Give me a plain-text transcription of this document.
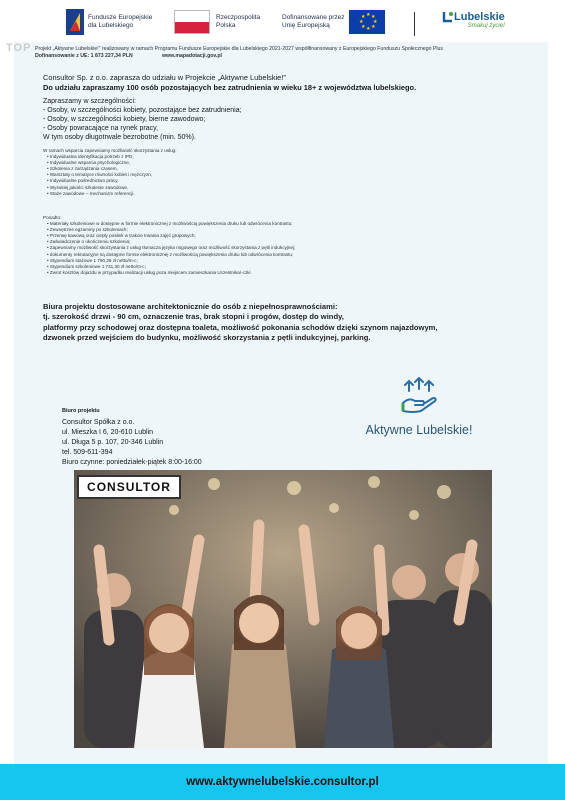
Fundusze Europejskie
dla Lubelskiego
Rzeczpospolita
Polska
Dofinansowane przez
Unię Europejską
★ ★
★
★
★
★
★
★	Lubelskie
Smakuj życie!
TOP Projekt „Aktywne Lubelskie!” realizowany w ramach Programu Fundusze Europejskie dla Lubelskiego 2021-2027 współfinansowany z Europejskiego Funduszu Społecznego Plus
Dofinansowanie z UE: 1 873 227,34 PLN	www.mapadotacji.gov.pl
Consultor Sp. z o.o. zaprasza do udziału w Projekcie „Aktywne Lubelskie!”
Do udziału zapraszamy 100 osób pozostających bez zatrudnienia w wieku 18+ z województwa lubelskiego.
Zapraszamy w szczególności:
- Osoby, w szczególności kobiety, pozostające bez zatrudnienia;
- Osoby, w szczególności kobiety, bierne zawodowo;
- Osoby powracające na rynek pracy,
W tym osoby długotrwale bezrobotne (min. 50%).
W ramach wsparcia zapewniamy możliwość skorzystania z usług:
• Indywidualna identyfikacja potrzeb z IPD,
• Indywidualne wsparcia psychologiczne,
• Szkolenia z zarządzania czasem,
• Warsztaty o tematyce równości kobiet i mężczyzn,
• Indywidualne pośrednictwo pracy,
• Wysokiej jakości szkolenie zawodowe,
• Staże zawodowe – mechanizm referencji.
Ponadto:
• Materiały szkoleniowe w dostępne w formie elektronicznej z możliwością powiększenia druku lub odwrócenia kontrastu;
• Zewnętrzne egzaminy po szkoleniach;
• Przerwę kawową oraz ciepły posiłek w trakcie trwania zajęć grupowych;
• Zaświadczenie o ukończeniu szkolenia;
• Zapewniamy możliwość skorzystania z usług tłumacza języka migowego oraz możliwość skorzystania z pętli indukcyjnej;
• dokumenty rekrutacyjne są dostępne formie elektronicznej z możliwością powiększenia druku lub odwrócenia kontrastu;
• Stypendium stażowe 1 790,28 zł netto/m-c;
• Stypendium szkoleniowe 1 731,30 zł netto/m-c;
• Zwrot kosztów dojazdu w przypadku realizacji usług poza miejscem zamieszkania Uczestnika/-czki
Biura projektu dostosowane architektonicznie do osób z niepełnosprawnościami:
tj. szerokość drzwi - 90 cm, oznaczenie tras, brak stopni i progów, dostęp do windy,
platformy przy schodowej oraz dostępna toaleta, możliwość pokonania schodów dzięki szynom najazdowym,
dzwonek przed wejściem do budynku, możliwość skorzystania z pętli indukcyjnej, parking.
Biuro projektu
Consultor Spółka z o.o.
ul. Mieszka I 6, 20-610 Lublin
ul. Długa 5 p. 107, 20-346 Lublin
tel. 509-611-394
Biuro czynne: poniedziałek-piątek 8:00-16:00
Aktywne Lubelskie!
CONSULTOR
www.aktywnelubelskie.consultor.pl
